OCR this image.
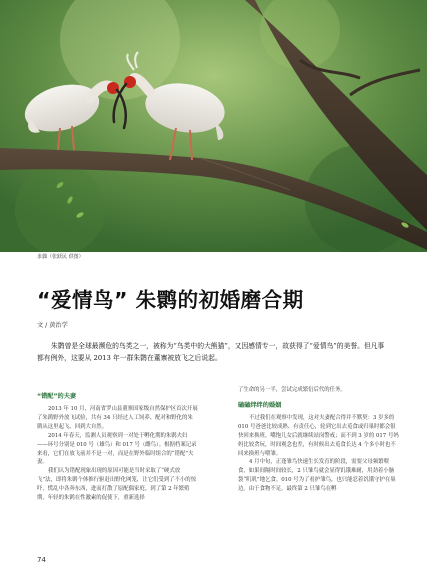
求偶（张跃民 供图）
“爱情鸟” 朱鹮的初婚磨合期
文 / 黄治学

朱鹮曾是全球最濒危的鸟类之一，被称为“鸟类中的大熊猫”，又因感情专一，故获得了“爱情鸟”的美誉。但凡事都有例外，这要从 2013 年一群朱鹮在董寨被放飞之后说起。

“错配”的夫妻

2013 年 10 月，河南省罗山县董寨国家级自然保护区首次开展了朱鹮野外放飞试验，共有 34 只经过人工饲养、配对和野化的朱鹮从这里起飞、回到大自然。

2014 年春天，监测人员观察到一对处于孵化期的朱鹮夫妇——环号分别是 010 号（雄鸟）和 017 号（雌鸟）。根据档案记录来看，它们在放飞前并不是一对，而是在野外临时组合的“错配”夫妻。

我们认为错配现象出现的原因可能是当时采取了“硬式放飞”法，即将朱鹮个体推行驱赶出野化网笼，让它们受到了不小的惊吓，慌乱中各奔东西，进而打散了原配偶家庭。到了第 2 年繁殖期，年轻的朱鹮在性激素的促使下，重新选择

了生命的另一半，尝试完成繁衍后代的任务。

磕磕绊绊的婚姻

不过我们在观察中发现，这对夫妻配合得并不默契：3 岁多的 010 号爸爸比较成熟、有责任心，轮到它出去觅食或归巢时都会很快回来换班，嘴饱儿女后就继续站岗警戒；而不到 3 岁的 017 号妈妈比较贪玩，时间观念也差，有时候出去觅食长达 4 个多小时也不回来换班与喂雏。

4 月中旬，正逢雏鸟快速生长发育的阶段，需要父母频繁喂食，如果间隔时间较长，2 只雏鸟就会显得饥饿难耐，用劲着小脑袋“叽叽”地乞食。010 号为了看护雏鸟，也只能忍着饥饿守护在巢边。由于食物不足，最终第 2 只雏鸟在孵

74
